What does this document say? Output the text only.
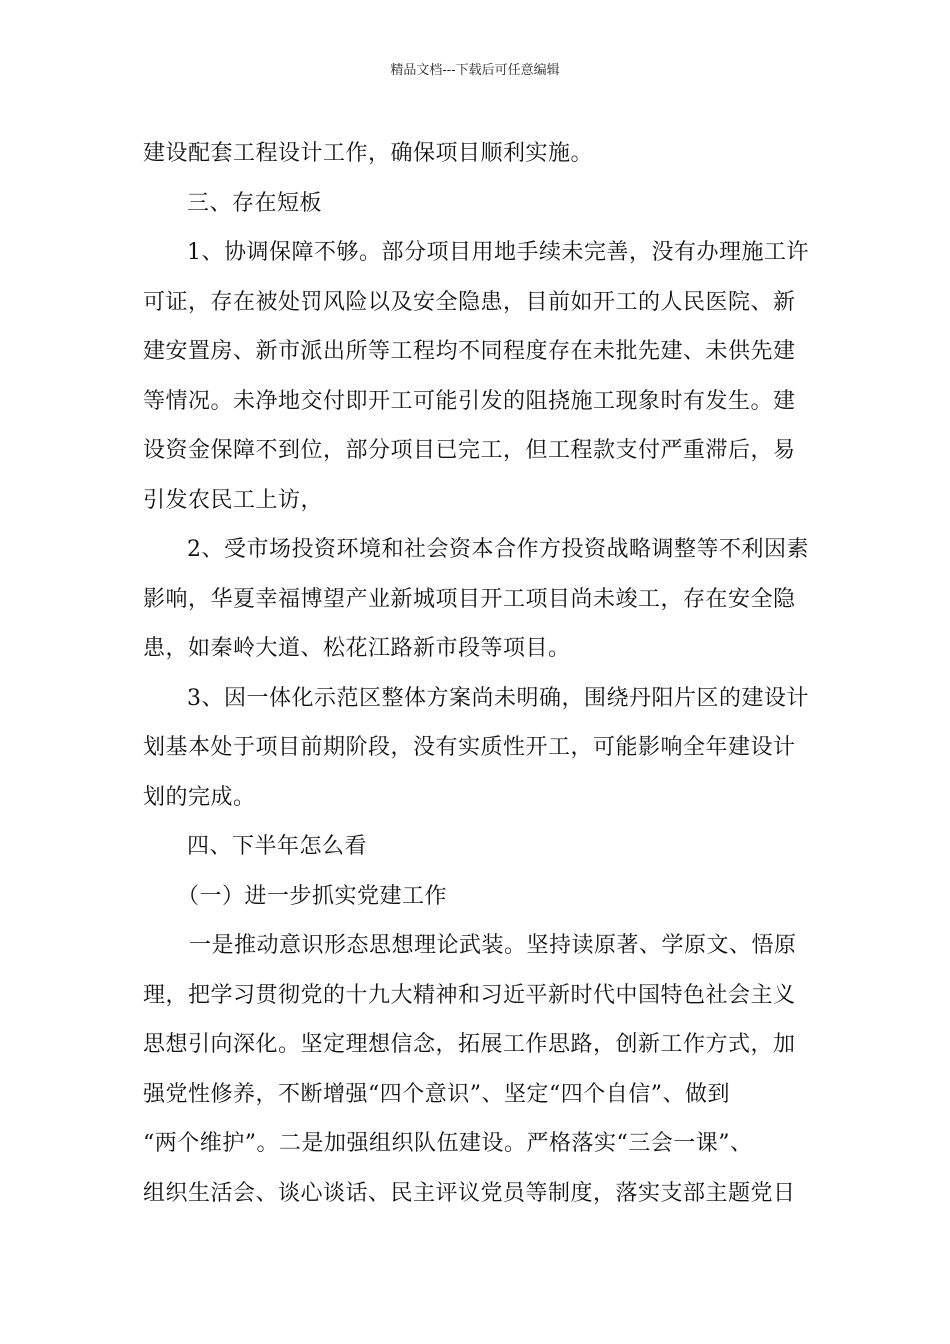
精品文档---下载后可任意编辑
建设配套工程设计工作，确保项目顺利实施。
三、存在短板
1、协调保障不够。部分项目用地手续未完善，没有办理施工许
可证，存在被处罚风险以及安全隐患，目前如开工的人民医院、新
建安置房、新市派出所等工程均不同程度存在未批先建、未供先建
等情况。未净地交付即开工可能引发的阻挠施工现象时有发生。建
设资金保障不到位，部分项目已完工，但工程款支付严重滞后，易
引发农民工上访，
2、受市场投资环境和社会资本合作方投资战略调整等不利因素
影响，华夏幸福博望产业新城项目开工项目尚未竣工，存在安全隐
患，如秦岭大道、松花江路新市段等项目。
3、因一体化示范区整体方案尚未明确，围绕丹阳片区的建设计
划基本处于项目前期阶段，没有实质性开工，可能影响全年建设计
划的完成。
四、下半年怎么看
（一）进一步抓实党建工作
一是推动意识形态思想理论武装。坚持读原著、学原文、悟原
理，把学习贯彻党的十九大精神和习近平新时代中国特色社会主义
思想引向深化。坚定理想信念，拓展工作思路，创新工作方式，加
强党性修养，不断增强“四个意识”、坚定“四个自信”、做到
“两个维护”。二是加强组织队伍建设。严格落实“三会一课”、
组织生活会、谈心谈话、民主评议党员等制度，落实支部主题党日
